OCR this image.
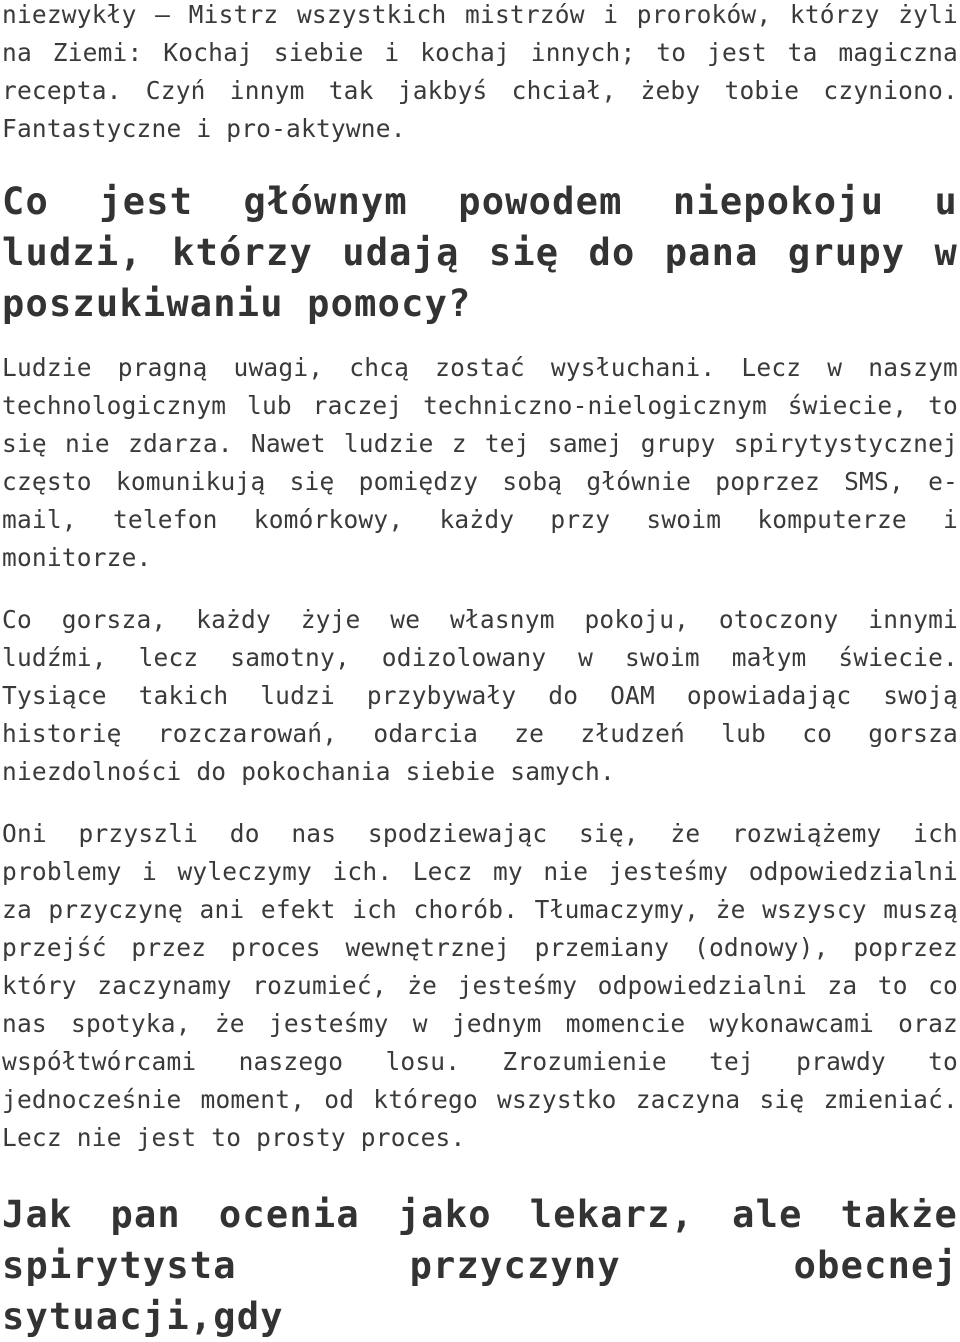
niezwykły — Mistrz wszystkich mistrzów i proroków, którzy żyli na Ziemi: Kochaj siebie i kochaj innych; to jest ta magiczna recepta. Czyń innym tak jakbyś chciał, żeby tobie czyniono. Fantastyczne i pro-aktywne.

Co jest głównym powodem niepokoju u ludzi, którzy udają się do pana grupy w poszukiwaniu pomocy?

Ludzie pragną uwagi, chcą zostać wysłuchani. Lecz w naszym technologicznym lub raczej techniczno-nielogicznym świecie, to się nie zdarza. Nawet ludzie z tej samej grupy spirytystycznej często komunikują się pomiędzy sobą głównie poprzez SMS, e-mail, telefon komórkowy, każdy przy swoim komputerze i monitorze.

Co gorsza, każdy żyje we własnym pokoju, otoczony innymi ludźmi, lecz samotny, odizolowany w swoim małym świecie. Tysiące takich ludzi przybywały do OAM opowiadając swoją historię rozczarowań, odarcia ze złudzeń lub co gorsza niezdolności do pokochania siebie samych.

Oni przyszli do nas spodziewając się, że rozwiążemy ich problemy i wyleczymy ich. Lecz my nie jesteśmy odpowiedzialni za przyczynę ani efekt ich chorób. Tłumaczymy, że wszyscy muszą przejść przez proces wewnętrznej przemiany (odnowy), poprzez który zaczynamy rozumieć, że jesteśmy odpowiedzialni za to co nas spotyka, że jesteśmy w jednym momencie wykonawcami oraz współtwórcami naszego losu. Zrozumienie tej prawdy to jednocześnie moment, od którego wszystko zaczyna się zmieniać. Lecz nie jest to prosty proces.

Jak pan ocenia jako lekarz, ale także spirytysta przyczyny obecnej sytuacji,gdy
